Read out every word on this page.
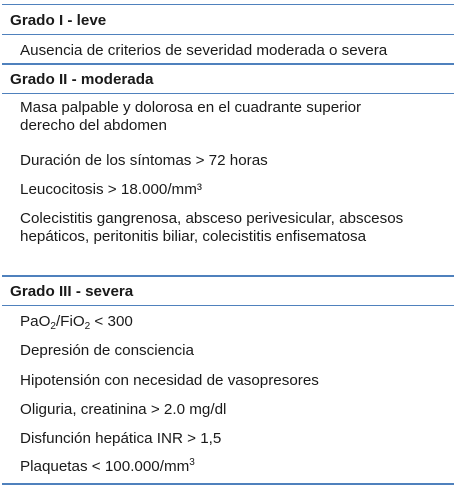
Grado I - leve
Ausencia de criterios de severidad moderada o severa
Grado II - moderada
Masa palpable y dolorosa en el cuadrante superior derecho del abdomen
Duración de los síntomas > 72 horas
Leucocitosis > 18.000/mm³
Colecistitis gangrenosa, absceso perivesicular, abscesos hepáticos, peritonitis biliar, colecistitis enfisematosa
Grado III - severa
PaO$_2$/FiO$_2$ < 300
Depresión de consciencia
Hipotensión con necesidad de vasopresores
Oliguria, creatinina > 2.0 mg/dl
Disfunción hepática INR > 1,5
Plaquetas < $100.000/mm^3$
